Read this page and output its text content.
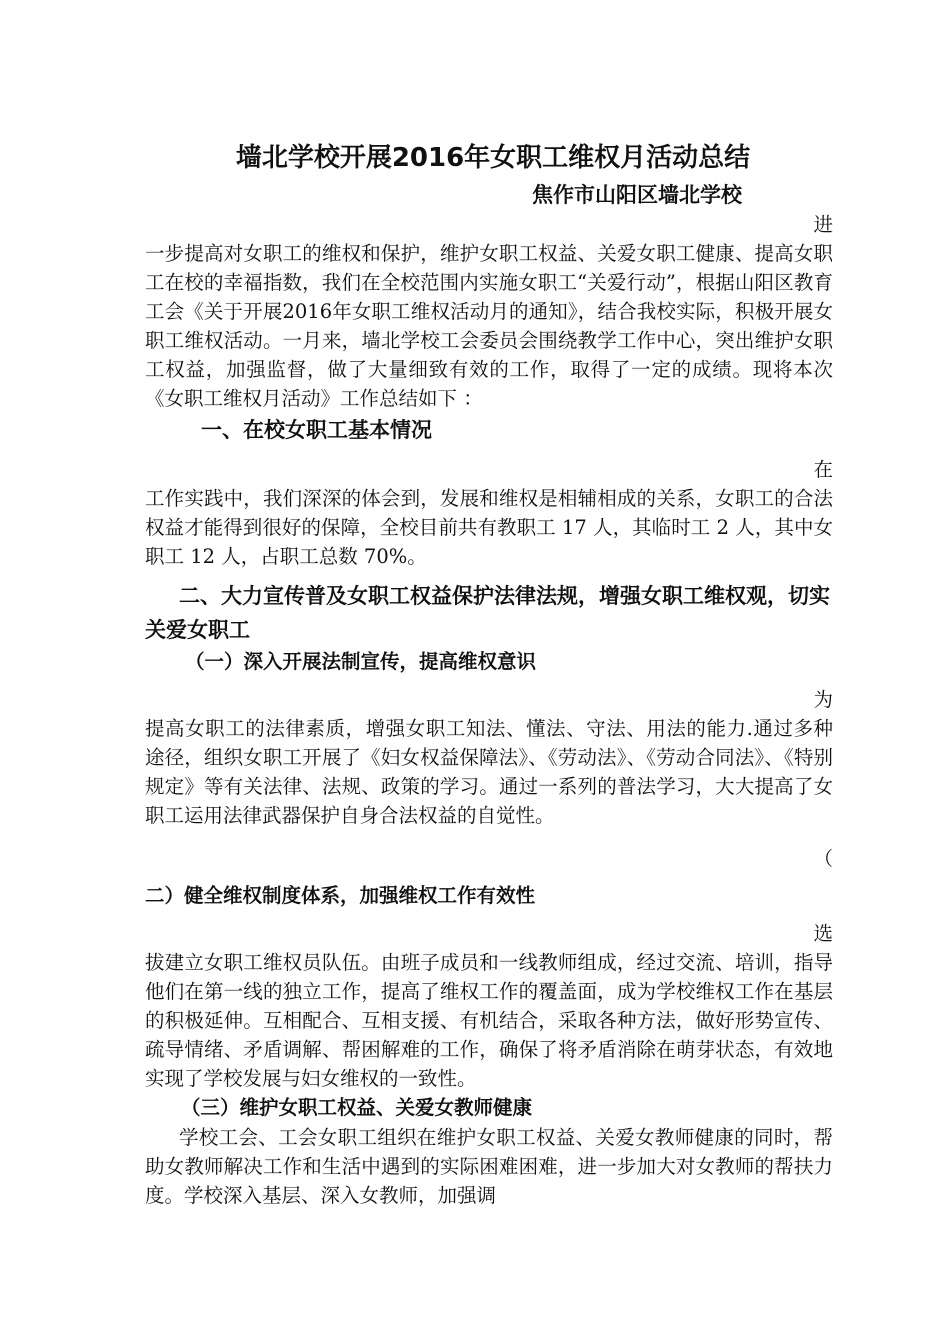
墙北学校开展2016年女职工维权月活动总结
焦作市山阳区墙北学校

进

一步提高对女职工的维权和保护，维护女职工权益、关爱女职工健康、提高女职工在校的幸福指数，我们在全校范围内实施女职工“关爱行动”，根据山阳区教育工会《关于开展2016年女职工维权活动月的通知》，结合我校实际，积极开展女职工维权活动。一月来，墙北学校工会委员会围绕教学工作中心，突出维护女职工权益，加强监督，做了大量细致有效的工作，取得了一定的成绩。现将本次《女职工维权月活动》工作总结如下 ：

一、在校女职工基本情况

在

工作实践中，我们深深的体会到，发展和维权是相辅相成的关系，女职工的合法权益才能得到很好的保障，全校目前共有教职工 17 人，其临时工 2 人，其中女职工 12 人，占职工总数 70%。

二、大力宣传普及女职工权益保护法律法规，增强女职工维权观，切实关爱女职工
（一）深入开展法制宣传，提高维权意识

为

提高女职工的法律素质，增强女职工知法、懂法、守法、用法的能力.通过多种途径，组织女职工开展了《妇女权益保障法》、《劳动法》、《劳动合同法》、《特别规定》等有关法律、法规、政策的学习。通过一系列的普法学习，大大提高了女职工运用法律武器保护自身合法权益的自觉性。

（

二）健全维权制度体系，加强维权工作有效性

选

拔建立女职工维权员队伍。由班子成员和一线教师组成，经过交流、培训，指导他们在第一线的独立工作，提高了维权工作的覆盖面，成为学校维权工作在基层的积极延伸。互相配合、互相支援、有机结合，采取各种方法，做好形势宣传、疏导情绪、矛盾调解、帮困解难的工作，确保了将矛盾消除在萌芽状态，有效地实现了学校发展与妇女维权的一致性。

（三）维护女职工权益、关爱女教师健康

学校工会、工会女职工组织在维护女职工权益、关爱女教师健康的同时，帮助女教师解决工作和生活中遇到的实际困难困难，进一步加大对女教师的帮扶力度。学校深入基层、深入女教师，加强调
